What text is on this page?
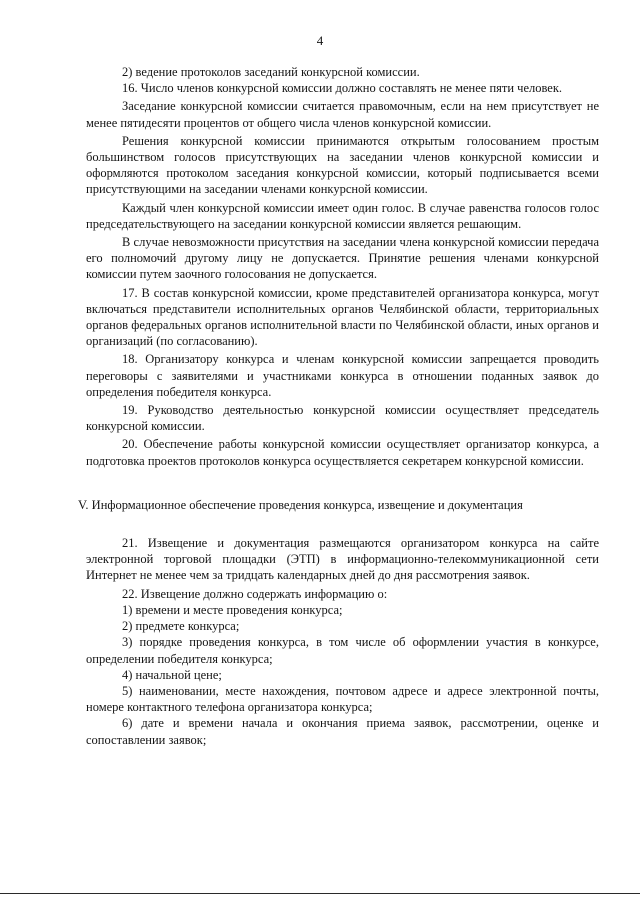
4

2) ведение протоколов заседаний конкурсной комиссии.

16. Число членов конкурсной комиссии должно составлять не менее пяти человек.

Заседание конкурсной комиссии считается правомочным, если на нем присутствует не менее пятидесяти процентов от общего числа членов конкурсной комиссии.

Решения конкурсной комиссии принимаются открытым голосованием простым большинством голосов присутствующих на заседании членов конкурсной комиссии и оформляются протоколом заседания конкурсной комиссии, который подписывается всеми присутствующими на заседании членами конкурсной комиссии.

Каждый член конкурсной комиссии имеет один голос. В случае равенства голосов голос председательствующего на заседании конкурсной комиссии является решающим.

В случае невозможности присутствия на заседании члена конкурсной комиссии передача его полномочий другому лицу не допускается. Принятие решения членами конкурсной комиссии путем заочного голосования не допускается.

17. В состав конкурсной комиссии, кроме представителей организатора конкурса, могут включаться представители исполнительных органов Челябинской области, территориальных органов федеральных органов исполнительной власти по Челябинской области, иных органов и организаций (по согласованию).

18. Организатору конкурса и членам конкурсной комиссии запрещается проводить переговоры с заявителями и участниками конкурса в отношении поданных заявок до определения победителя конкурса.

19. Руководство деятельностью конкурсной комиссии осуществляет председатель конкурсной комиссии.

20. Обеспечение работы конкурсной комиссии осуществляет организатор конкурса, а подготовка проектов протоколов конкурса осуществляется секретарем конкурсной комиссии.

V. Информационное обеспечение проведения конкурса, извещение и документация

21. Извещение и документация размещаются организатором конкурса на сайте электронной торговой площадки (ЭТП) в информационно-телекоммуникационной сети Интернет не менее чем за тридцать календарных дней до дня рассмотрения заявок.

22. Извещение должно содержать информацию о:

1) времени и месте проведения конкурса;

2) предмете конкурса;

3) порядке проведения конкурса, в том числе об оформлении участия в конкурсе, определении победителя конкурса;

4) начальной цене;

5) наименовании, месте нахождения, почтовом адресе и адресе электронной почты, номере контактного телефона организатора конкурса;

6) дате и времени начала и окончания приема заявок, рассмотрении, оценке и сопоставлении заявок;
